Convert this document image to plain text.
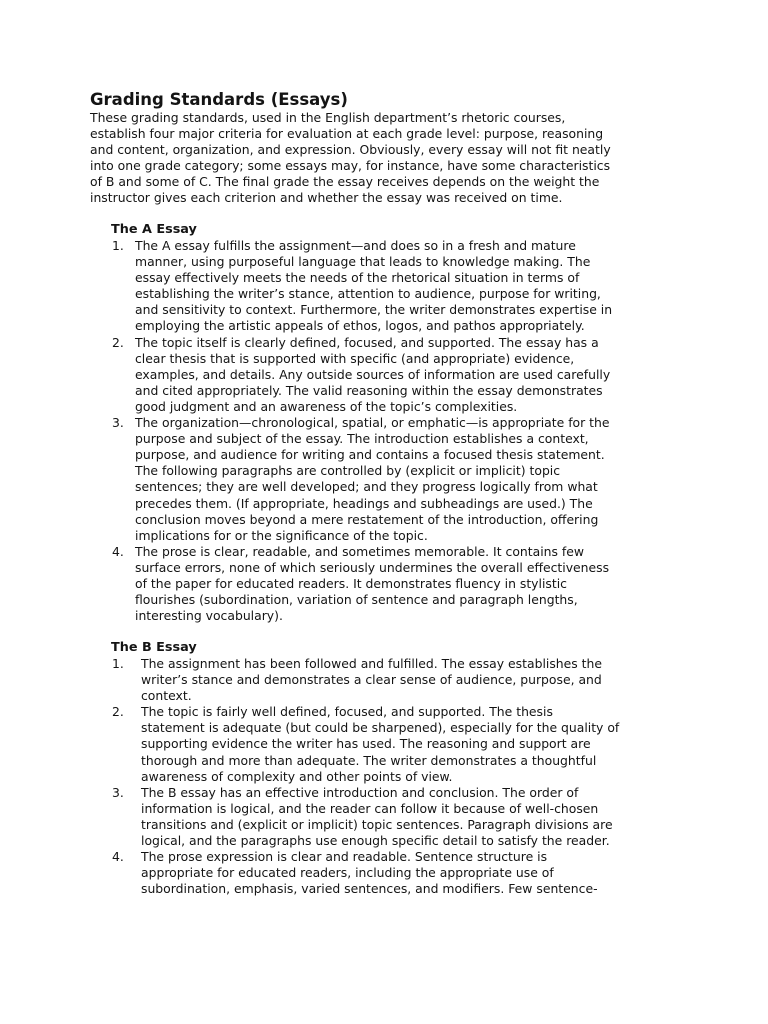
Grading Standards (Essays)

These grading standards, used in the English department’s rhetoric courses,
establish four major criteria for evaluation at each grade level: purpose, reasoning
and content, organization, and expression. Obviously, every essay will not fit neatly
into one grade category; some essays may, for instance, have some characteristics
of B and some of C. The final grade the essay receives depends on the weight the
instructor gives each criterion and whether the essay was received on time.

The A Essay
1. The A essay fulfills the assignment—and does so in a fresh and mature
manner, using purposeful language that leads to knowledge making. The
essay effectively meets the needs of the rhetorical situation in terms of
establishing the writer’s stance, attention to audience, purpose for writing,
and sensitivity to context. Furthermore, the writer demonstrates expertise in
employing the artistic appeals of ethos, logos, and pathos appropriately.
2. The topic itself is clearly defined, focused, and supported. The essay has a
clear thesis that is supported with specific (and appropriate) evidence,
examples, and details. Any outside sources of information are used carefully
and cited appropriately. The valid reasoning within the essay demonstrates
good judgment and an awareness of the topic’s complexities.
3. The organization—chronological, spatial, or emphatic—is appropriate for the
purpose and subject of the essay. The introduction establishes a context,
purpose, and audience for writing and contains a focused thesis statement.
The following paragraphs are controlled by (explicit or implicit) topic
sentences; they are well developed; and they progress logically from what
precedes them. (If appropriate, headings and subheadings are used.) The
conclusion moves beyond a mere restatement of the introduction, offering
implications for or the significance of the topic.
4. The prose is clear, readable, and sometimes memorable. It contains few
surface errors, none of which seriously undermines the overall effectiveness
of the paper for educated readers. It demonstrates fluency in stylistic
flourishes (subordination, variation of sentence and paragraph lengths,
interesting vocabulary).
The B Essay
1. The assignment has been followed and fulfilled. The essay establishes the
writer’s stance and demonstrates a clear sense of audience, purpose, and
context.
2. The topic is fairly well defined, focused, and supported. The thesis
statement is adequate (but could be sharpened), especially for the quality of
supporting evidence the writer has used. The reasoning and support are
thorough and more than adequate. The writer demonstrates a thoughtful
awareness of complexity and other points of view.
3. The B essay has an effective introduction and conclusion. The order of
information is logical, and the reader can follow it because of well-chosen
transitions and (explicit or implicit) topic sentences. Paragraph divisions are
logical, and the paragraphs use enough specific detail to satisfy the reader.
4. The prose expression is clear and readable. Sentence structure is
appropriate for educated readers, including the appropriate use of
subordination, emphasis, varied sentences, and modifiers. Few sentence-
